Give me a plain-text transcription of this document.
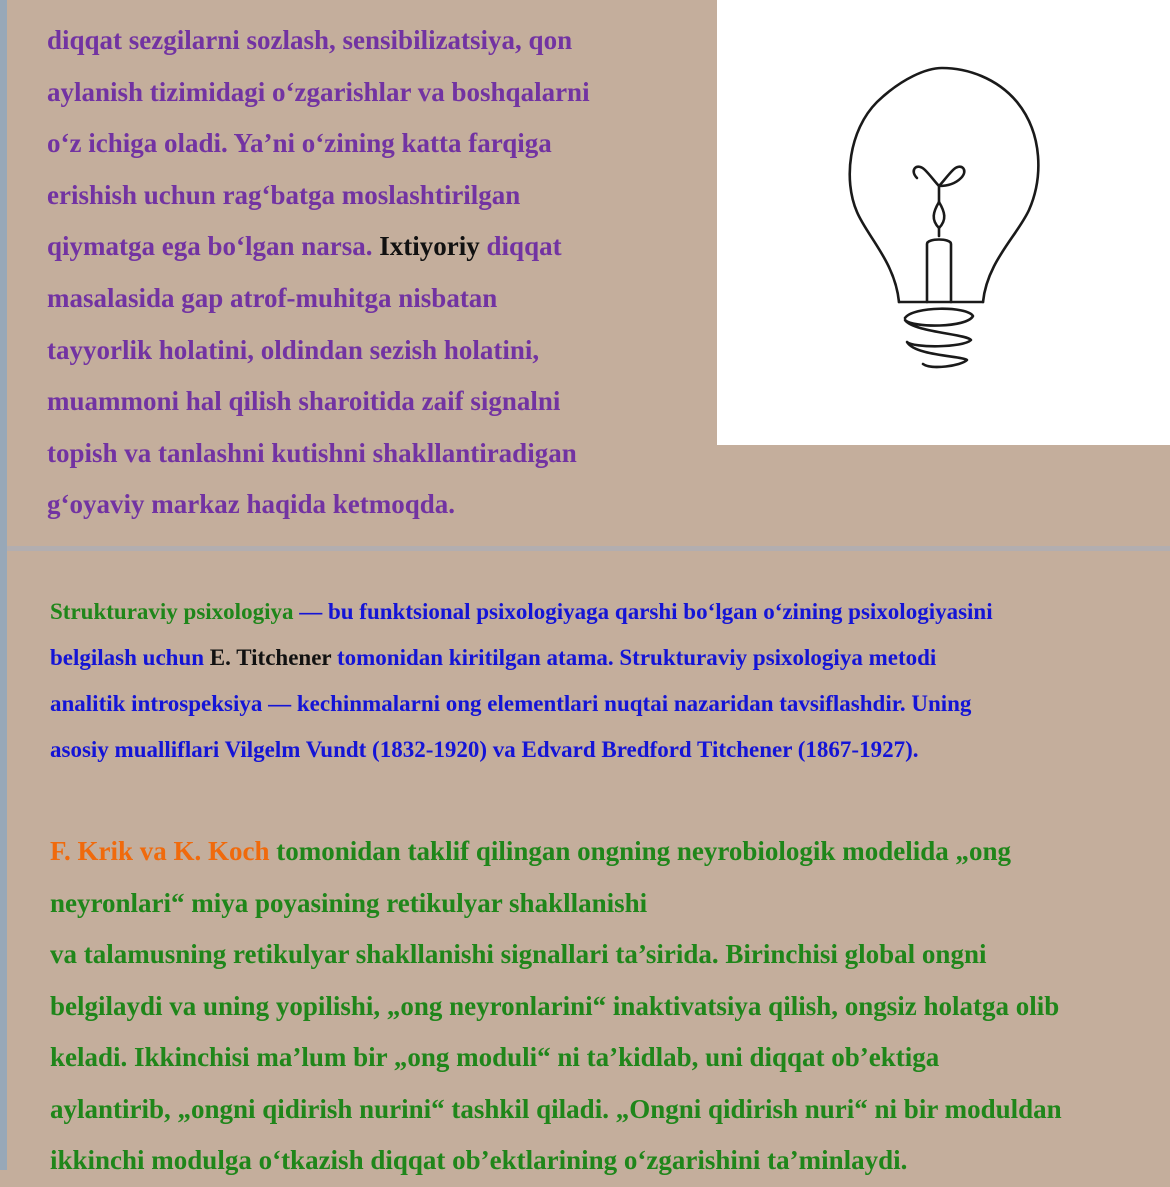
diqqat sezgilarni sozlash, sensibilizatsiya, qon
aylanish tizimidagi o‘zgarishlar va boshqalarni
o‘z ichiga oladi. Ya’ni o‘zining katta farqiga
erishish uchun rag‘batga moslashtirilgan
qiymatga ega bo‘lgan narsa. Ixtiyoriy diqqat
masalasida gap atrof-muhitga nisbatan
tayyorlik holatini, oldindan sezish holatini,
muammoni hal qilish sharoitida zaif signalni
topish va tanlashni kutishni shakllantiradigan
g‘oyaviy markaz haqida ketmoqda.
Strukturaviy psixologiya — bu funktsional psixologiyaga qarshi bo‘lgan o‘zining psixologiyasini
belgilash uchun E. Titchener tomonidan kiritilgan atama. Strukturaviy psixologiya metodi
analitik introspeksiya — kechinmalarni ong elementlari nuqtai nazaridan tavsiflashdir. Uning
asosiy mualliflari Vilgelm Vundt (1832-1920) va Edvard Bredford Titchener (1867-1927).
F. Krik va K. Koch tomonidan taklif qilingan ongning neyrobiologik modelida „ong
neyronlari“ miya poyasining retikulyar shakllanishi
va talamusning retikulyar shakllanishi signallari ta’sirida. Birinchisi global ongni
belgilaydi va uning yopilishi, „ong neyronlarini“ inaktivatsiya qilish, ongsiz holatga olib
keladi. Ikkinchisi ma’lum bir „ong moduli“ ni ta’kidlab, uni diqqat ob’ektiga
aylantirib, „ongni qidirish nurini“ tashkil qiladi. „Ongni qidirish nuri“ ni bir moduldan
ikkinchi modulga o‘tkazish diqqat ob’ektlarining o‘zgarishini ta’minlaydi.
